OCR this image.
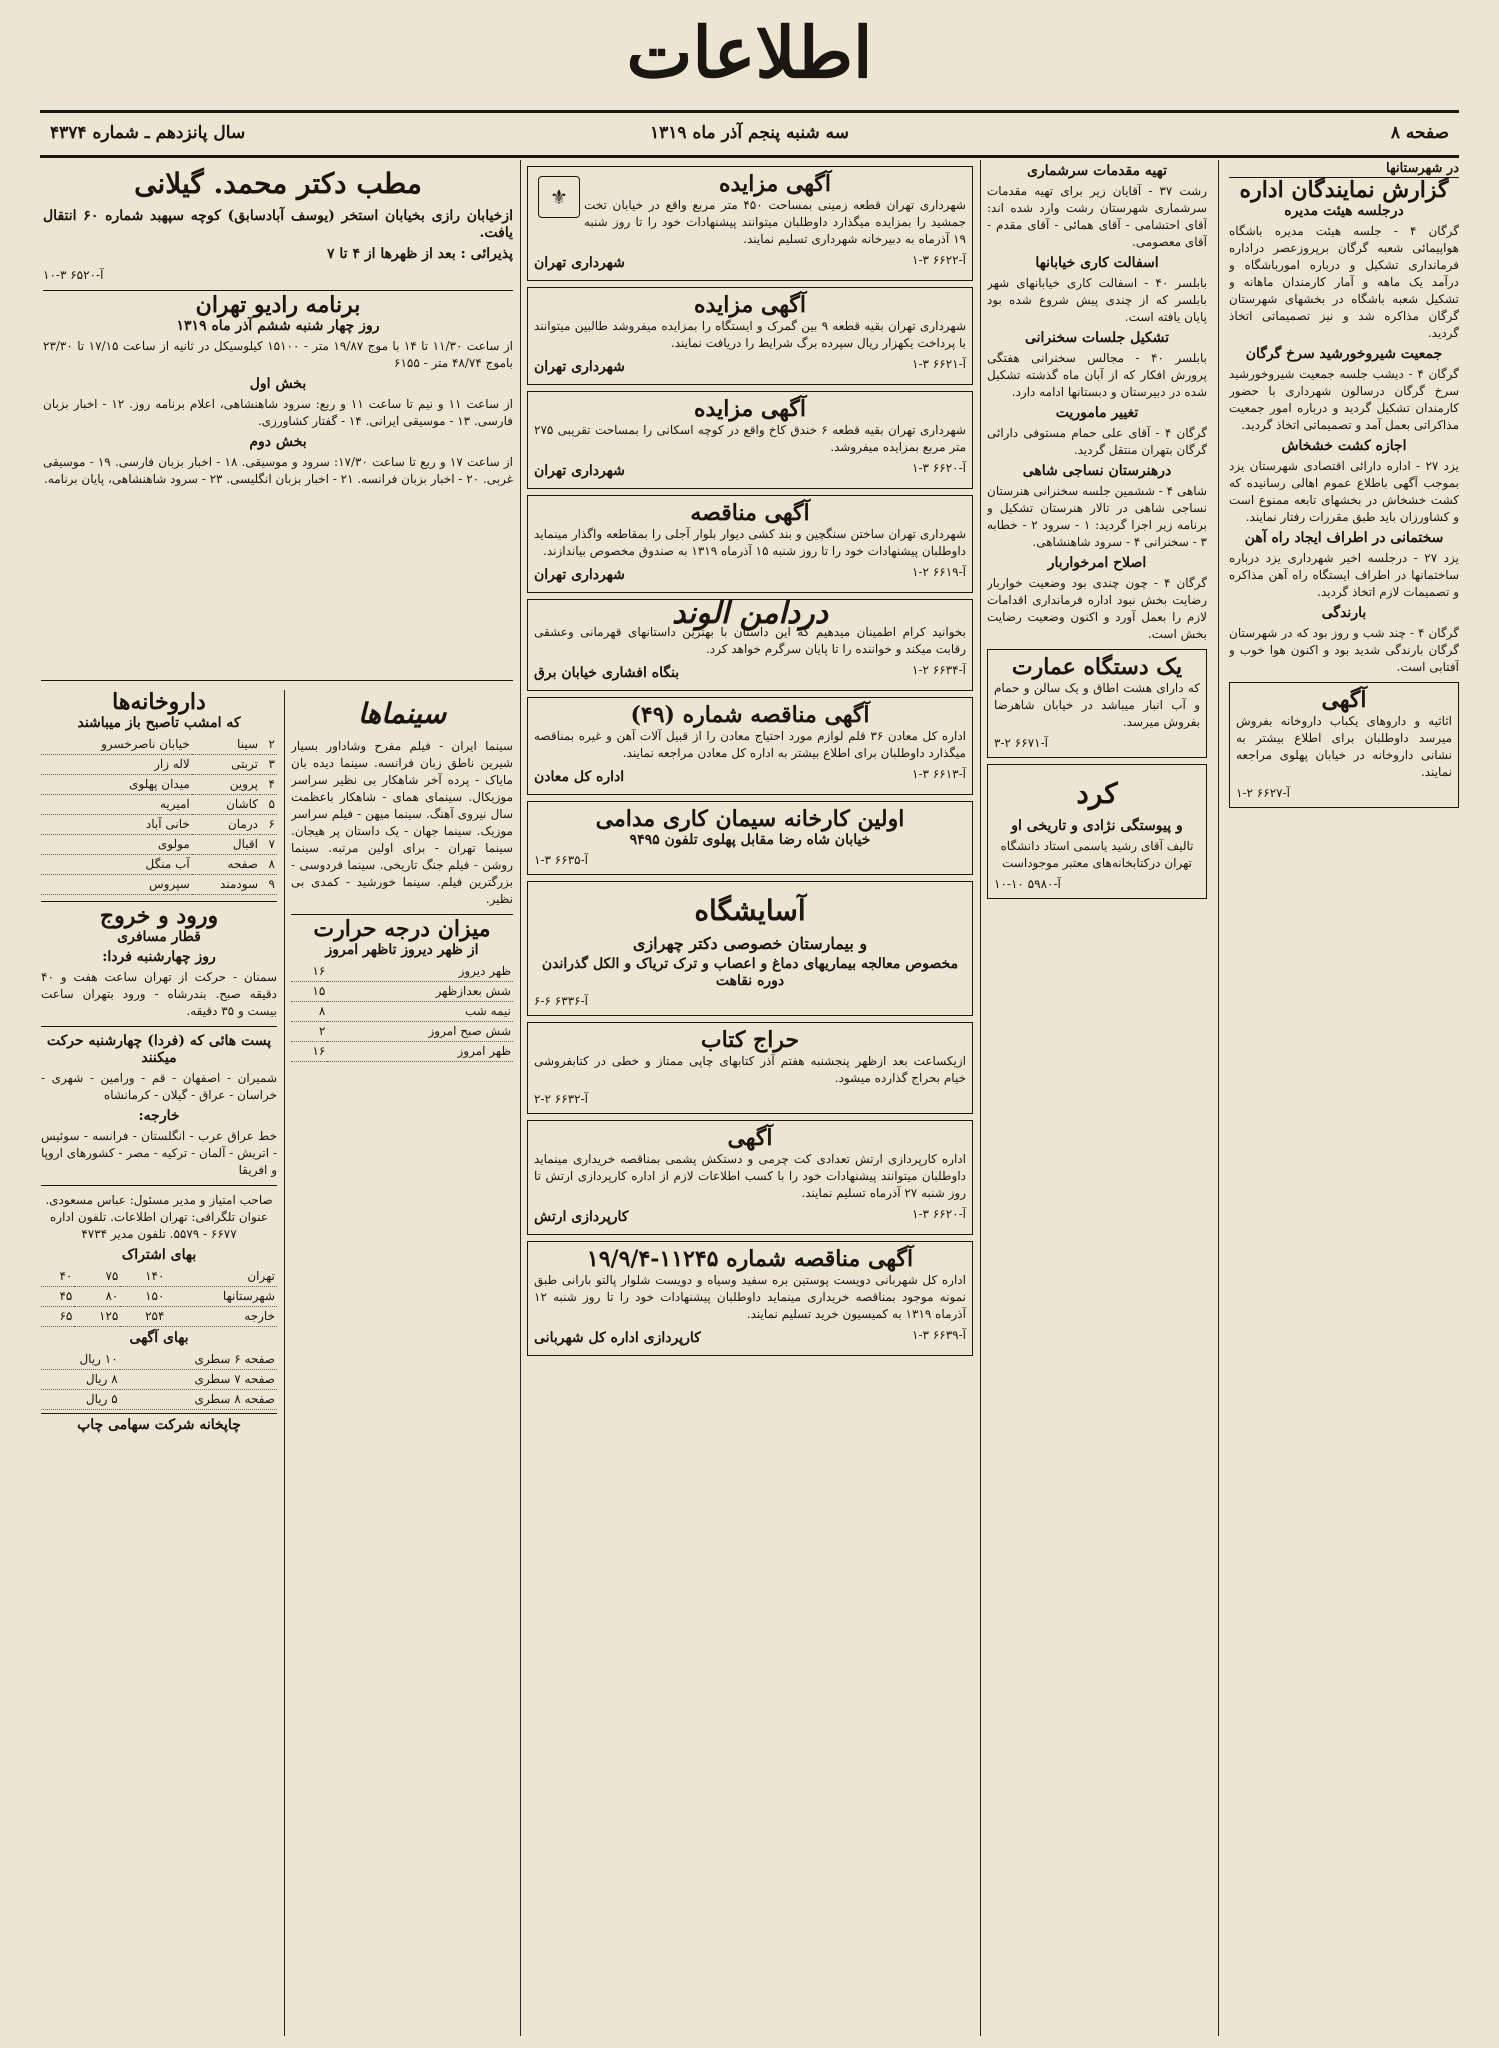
اطلاعات
صفحه ۸
سه شنبه پنجم آذر ماه ۱۳۱۹
سال پانزدهم ـ شماره ۴۳۷۴
در شهرستانها
گزارش نمایندگان اداره
درجلسه هیئت مدیره
گرگان ۴ - جلسه هیئت مدیره باشگاه هواپیمائی شعبه گرگان برپروزعصر دراداره فرمانداری تشکیل و درباره امورباشگاه و درآمد یک ماهه و آمار کارمندان ماهانه و تشکیل شعبه باشگاه در بخشهای شهرستان گرگان مذاکره شد و نیز تصمیماتی اتخاذ گردید.
جمعیت شیروخورشید سرخ گرگان
گرگان ۴ - دیشب جلسه جمعیت شیروخورشید سرخ گرگان درسالون شهرداری با حضور کارمندان تشکیل گردید و درباره امور جمعیت مذاکراتی بعمل آمد و تصمیماتی اتخاذ گردید.
اجازه کشت خشخاش
یزد ۲۷ - اداره دارائی اقتصادی شهرستان یزد بموجب آگهی باطلاع عموم اهالی رسانیده که کشت خشخاش در بخشهای تابعه ممنوع است و کشاورزان باید طبق مقررات رفتار نمایند.
سختمانی در اطراف ایجاد راه آهن
یزد ۲۷ - درجلسه اخیر شهرداری یزد درباره ساختمانها در اطراف ایستگاه راه آهن مذاکره و تصمیمات لازم اتخاذ گردید.
بارندگی
گرگان ۴ - چند شب و روز بود که در شهرستان گرگان بارندگی شدید بود و اکنون هوا خوب و آفتابی است.
آگهی
اثاثیه و داروهای یکباب داروخانه بفروش میرسد داوطلبان برای اطلاع بیشتر به نشانی داروخانه در خیابان پهلوی مراجعه نمایند.
آ-۶۶۲۷ ۲-۱
تهیه مقدمات سرشماری
رشت ۳۷ - آقایان زیر برای تهیه مقدمات سرشماری شهرستان رشت وارد شده اند: آقای احتشامی - آقای همائی - آقای مقدم - آقای معصومی.
اسفالت کاری خیابانها
بابلسر ۴۰ - اسفالت کاری خیابانهای شهر بابلسر که از چندی پیش شروع شده بود پایان یافته است.
تشکیل جلسات سخنرانی
بابلسر ۴۰ - مجالس سخنرانی هفتگی پرورش افکار که از آبان ماه گذشته تشکیل شده در دبیرستان و دبستانها ادامه دارد.
تغییر ماموریت
گرگان ۴ - آقای علی حمام مستوفی دارائی گرگان بتهران منتقل گردید.
درهنرستان نساجی شاهی
شاهی ۴ - ششمین جلسه سخنرانی هنرستان نساجی شاهی در تالار هنرستان تشکیل و برنامه زیر اجرا گردید: ۱ - سرود ۲ - خطابه ۳ - سخنرانی ۴ - سرود شاهنشاهی.
اصلاح امرخواربار
گرگان ۴ - چون چندی بود وضعیت خواربار رضایت بخش نبود اداره فرمانداری اقدامات لازم را بعمل آورد و اکنون وضعیت رضایت بخش است.
یک دستگاه عمارت
که دارای هشت اطاق و یک سالن و حمام و آب انبار میباشد در خیابان شاهرضا بفروش میرسد.
آ-۶۶۷۱ ۲-۳
کرد
و پیوستگی نژادی و تاریخی او
تالیف آقای رشید یاسمی استاد دانشگاه تهران درکتابخانه‌های معتبر موجوداست
آ-۵۹۸۰ ۱۰-۱۰
⚜	آگهی مزایده
شهرداری تهران قطعه زمینی بمساحت ۴۵۰ متر مربع واقع در خیابان تخت جمشید را بمزایده میگذارد داوطلبان میتوانند پیشنهادات خود را تا روز شنبه ۱۹ آذرماه به دبیرخانه شهرداری تسلیم نمایند.
آ-۶۶۲۲ ۳-۱
شهرداری تهران
آگهی مزایده
شهرداری تهران بقیه قطعه ۹ بین گمرک و ایستگاه را بمزایده میفروشد طالبین میتوانند با پرداخت یکهزار ریال سپرده برگ شرایط را دریافت نمایند.
آ-۶۶۲۱ ۳-۱
شهرداری تهران
آگهی مزایده
شهرداری تهران بقیه قطعه ۶ خندق کاخ واقع در کوچه اسکانی را بمساحت تقریبی ۲۷۵ متر مربع بمزایده میفروشد.
آ-۶۶۲۰ ۳-۱
شهرداری تهران
آگهی مناقصه
شهرداری تهران ساختن سنگچین و بند کشی دیوار بلوار آجلی را بمقاطعه واگذار مینماید داوطلبان پیشنهادات خود را تا روز شنبه ۱۵ آذرماه ۱۳۱۹ به صندوق مخصوص بیاندازند.
آ-۶۶۱۹ ۲-۱
شهرداری تهران
دردامن الوند
بخوانید کرام اطمینان میدهیم که این داستان با بهترین داستانهای قهرمانی وعشقی رقابت میکند و خواننده را تا پایان سرگرم خواهد کرد.
آ-۶۶۳۴ ۲-۱
بنگاه افشاری خیابان برق
آگهی مناقصه شماره (۴۹)
اداره کل معادن ۳۶ قلم لوازم مورد احتیاج معادن را از قبیل آلات آهن و غیره بمناقصه میگذارد داوطلبان برای اطلاع بیشتر به اداره کل معادن مراجعه نمایند.
آ-۶۶۱۳ ۳-۱
اداره کل معادن
اولین کارخانه سیمان کاری مدامی
خیابان شاه رضا مقابل پهلوی تلفون ۹۴۹۵
آ-۶۶۳۵ ۳-۱
آسایشگاه
و بیمارستان خصوصی دکتر چهرازی
مخصوص معالجه بیماریهای دماغ و اعصاب و ترک تریاک و الکل گذراندن دوره نقاهت
آ-۶۳۳۶ ۶-۶
حراج کتاب
ازیکساعت بعد ازظهر پنجشنبه هفتم آذر کتابهای چاپی ممتاز و خطی در کتابفروشی خیام بحراج گذارده میشود.
آ-۶۶۳۲ ۲-۲
آگهی
اداره کارپردازی ارتش تعدادی کت چرمی و دستکش پشمی بمناقصه خریداری مینماید داوطلبان میتوانند پیشنهادات خود را با کسب اطلاعات لازم از اداره کارپردازی ارتش تا روز شنبه ۲۷ آذرماه تسلیم نمایند.
آ-۶۶۲۰ ۳-۱
کارپردازی ارتش
آگهی مناقصه شماره ۱۱۲۴۵-۱۹/۹/۴
اداره کل شهربانی دویست پوستین بره سفید وسیاه و دویست شلوار پالتو بارانی طبق نمونه موجود بمناقصه خریداری مینماید داوطلبان پیشنهادات خود را تا روز شنبه ۱۲ آذرماه ۱۳۱۹ به کمیسیون خرید تسلیم نمایند.
آ-۶۶۳۹ ۳-۱
کارپردازی اداره کل شهربانی
مطب دکتر محمد. گیلانی
ازخیابان رازی بخیابان استخر (یوسف آبادسابق) کوچه سپهبد شماره ۶۰ انتقال یافت.
پذیرائی : بعد از ظهرها از ۴ تا ۷
آ-۶۵۲۰ ۳-۱۰
برنامه رادیو تهران
روز چهار شنبه ششم آذر ماه ۱۳۱۹
از ساعت ۱۱/۳۰ تا ۱۴ با موج ۱۹/۸۷ متر - ۱۵۱۰۰ کیلوسیکل در ثانیه از ساعت ۱۷/۱۵ تا ۲۳/۳۰ باموج ۴۸/۷۴ متر - ۶۱۵۵
بخش اول
از ساعت ۱۱ و نیم تا ساعت ۱۱ و ربع: سرود شاهنشاهی، اعلام برنامه روز. ۱۲ - اخبار بزبان فارسی. ۱۳ - موسیقی ایرانی. ۱۴ - گفتار کشاورزی.
بخش دوم
از ساعت ۱۷ و ربع تا ساعت ۱۷/۳۰: سرود و موسیقی. ۱۸ - اخبار بزبان فارسی. ۱۹ - موسیقی غربی. ۲۰ - اخبار بزبان فرانسه. ۲۱ - اخبار بزبان انگلیسی. ۲۳ - سرود شاهنشاهی، پایان برنامه.
سینماها
سینما ایران - فیلم مفرح وشاداور بسیار شیرین ناطق زبان فرانسه. سینما دیده بان مایاک - پرده آخر شاهکار بی نظیر سراسر موزیکال. سینمای همای - شاهکار باعظمت سال نیروی آهنگ. سینما میهن - فیلم سراسر موزیک. سینما جهان - یک داستان پر هیجان. سینما تهران - برای اولین مرتبه. سینما روشن - فیلم جنگ تاریخی. سینما فردوسی - بزرگترین فیلم. سینما خورشید - کمدی بی نظیر.
میزان درجه حرارت
از ظهر دیروز تاظهر امروز
ظهر دیروز	۱۶
شش بعدازظهر	۱۵
نیمه شب	۸
شش صبح امروز	۲
ظهر امروز	۱۶
داروخانه‌ها
که امشب تاصبح باز میباشند
۲	سینا	خیابان ناصرخسرو
۳	تربتی	لاله زار
۴	پروین	میدان پهلوی
۵	کاشان	امیریه
۶	درمان	خانی آباد
۷	اقبال	مولوی
۸	صفحه	آب منگل
۹	سودمند	سپروس
ورود و خروج
قطار مسافری
روز چهارشنبه فردا:
سمنان - حرکت از تهران ساعت هفت و ۴۰ دقیقه صبح. بندرشاه - ورود بتهران ساعت بیست و ۳۵ دقیقه.
پست هائی که (فردا) چهارشنبه حرکت میکنند
شمیران - اصفهان - قم - ورامین - شهری - خراسان - عراق - گیلان - کرمانشاه
خارجه:
خط عراق عرب - انگلستان - فرانسه - سوئیس - اتریش - آلمان - ترکیه - مصر - کشورهای اروپا و افریقا
صاحب امتیاز و مدیر مسئول: عباس مسعودی. عنوان تلگرافی: تهران اطلاعات. تلفون اداره ۶۶۷۷ - ۵۵۷۹. تلفون مدیر ۴۷۳۴
بهای اشتراک
تهران	۱۴۰	۷۵	۴۰
شهرستانها	۱۵۰	۸۰	۴۵
خارجه	۲۵۴	۱۲۵	۶۵
بهای آگهی
صفحه ۶ سطری	۱۰ ریال
صفحه ۷ سطری	۸ ریال
صفحه ۸ سطری	۵ ریال
چاپخانه شرکت سهامی چاپ
